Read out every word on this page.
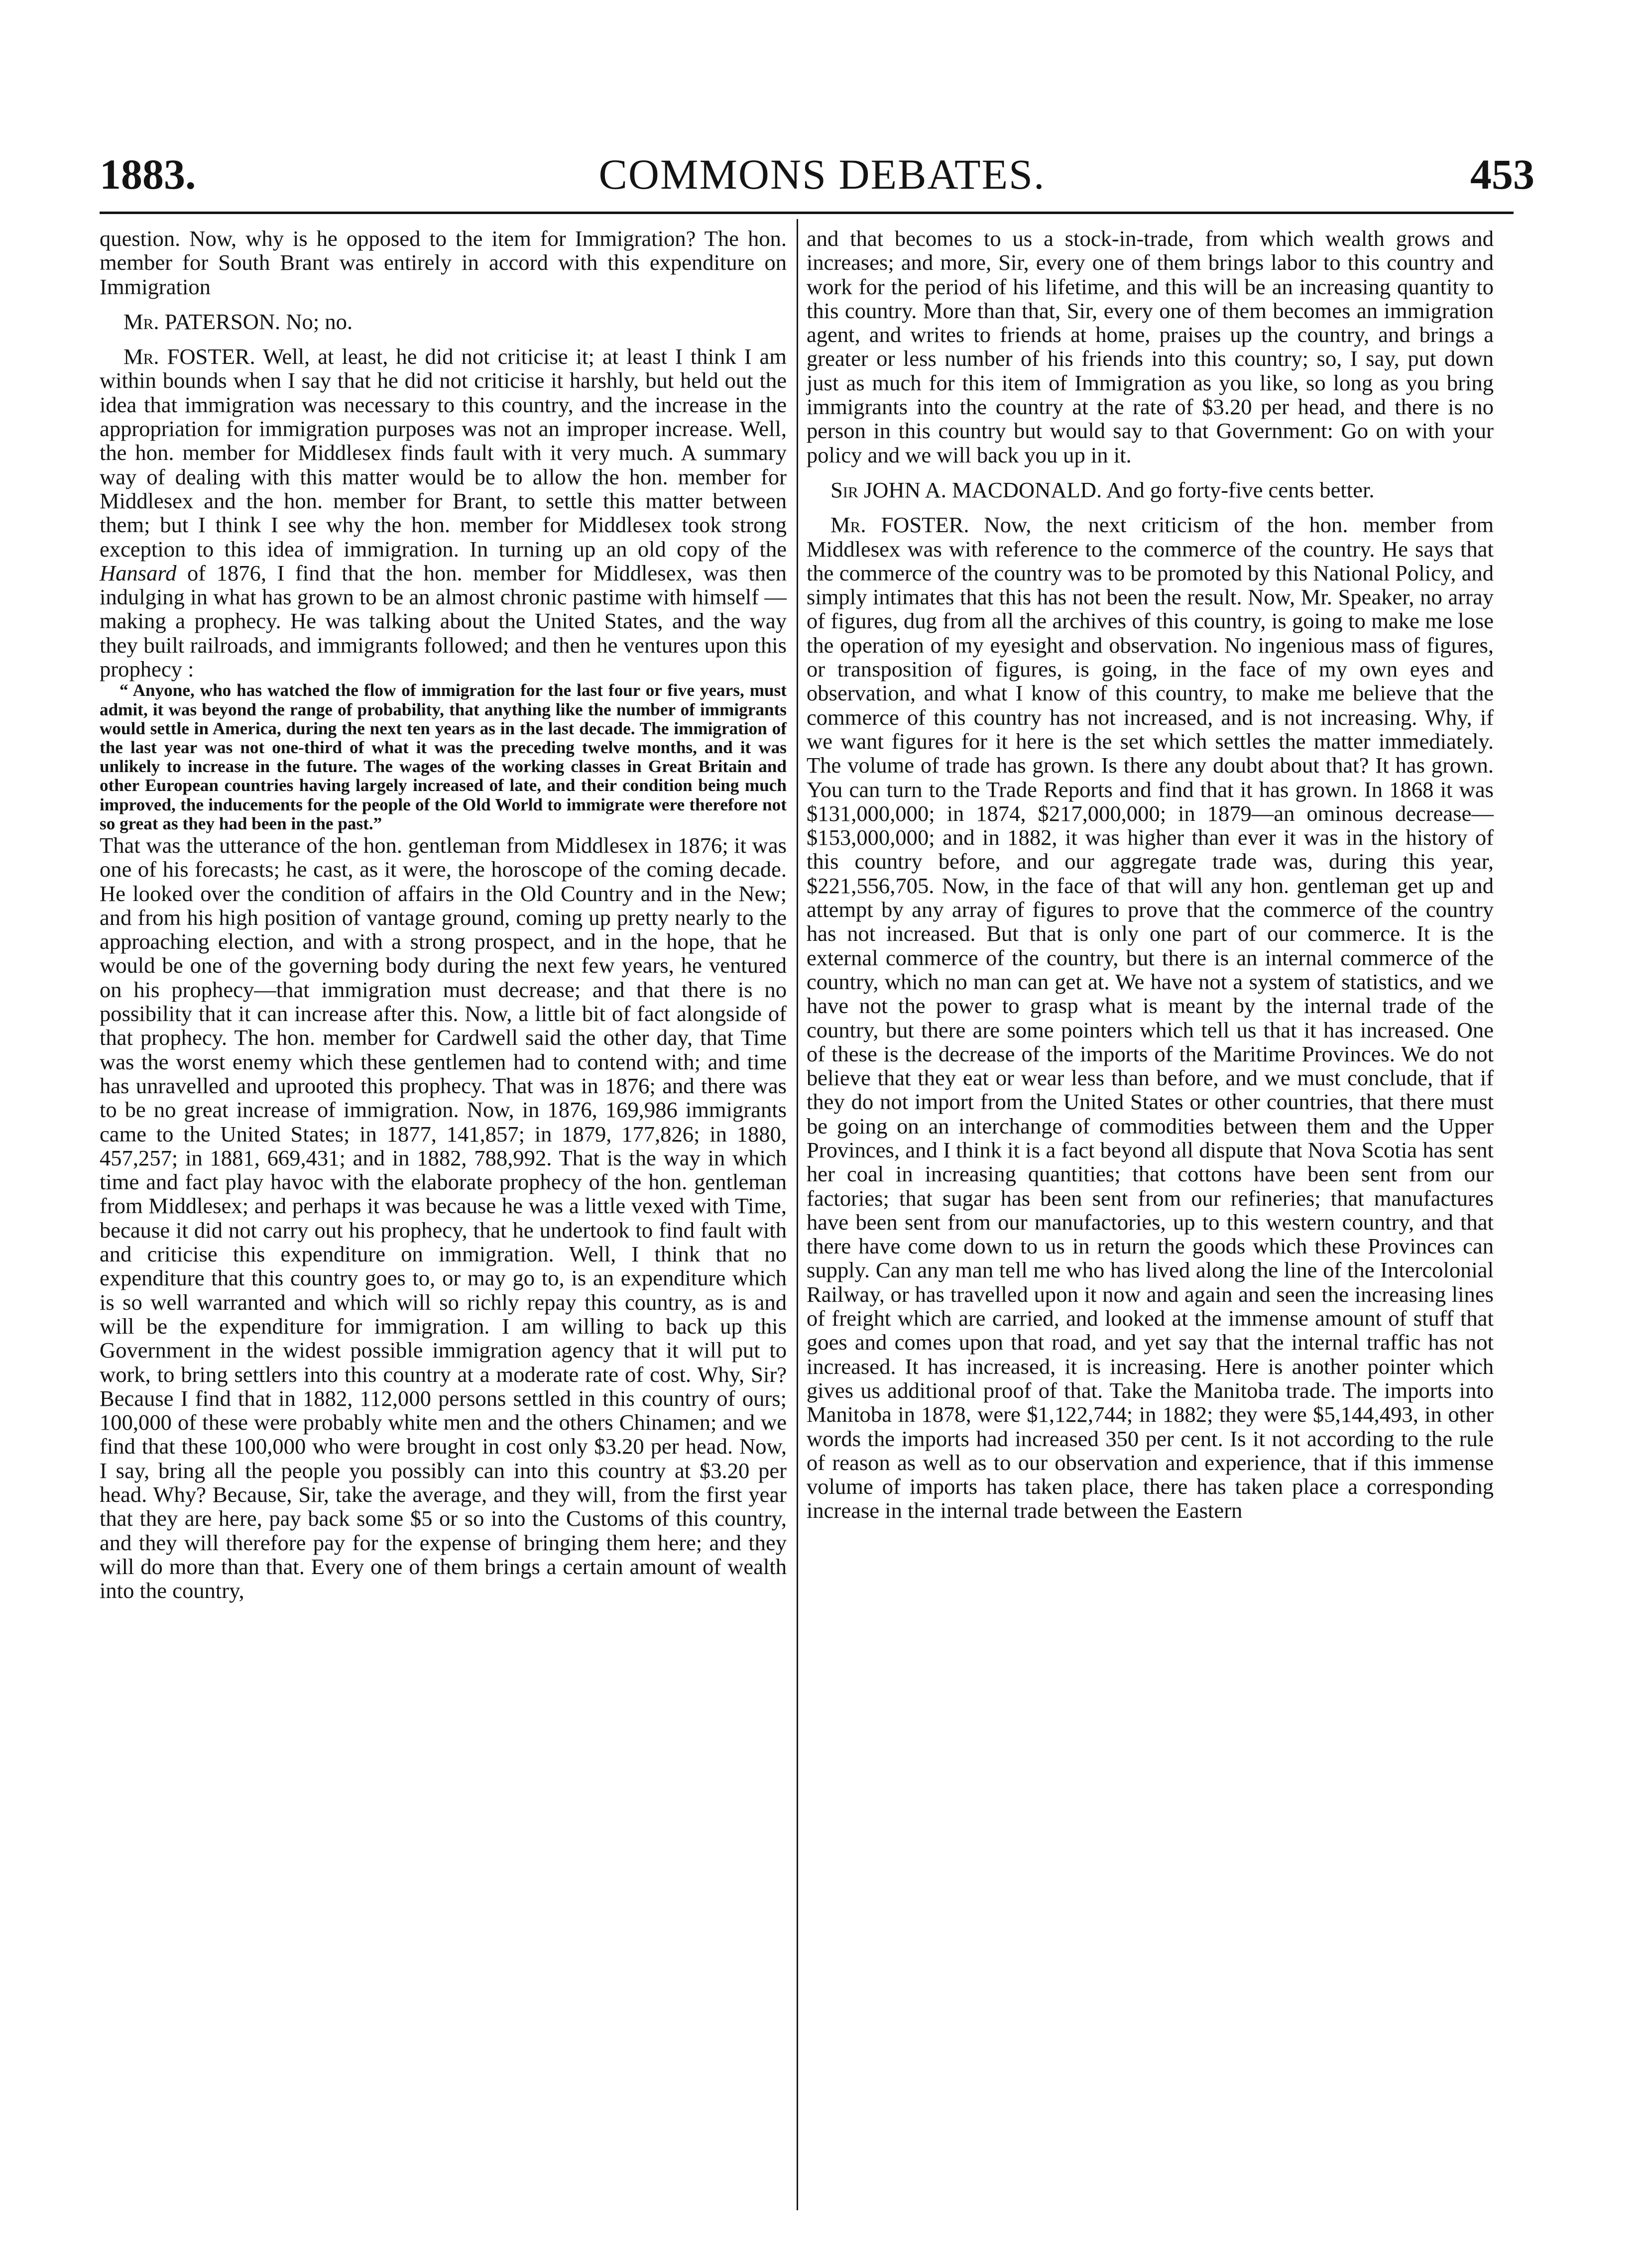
1883.	COMMONS DEBATES.	453

question. Now, why is he opposed to the item for Immigration? The hon. member for South Brant was entirely in accord with this expenditure on Immigration

Mr. PATERSON. No; no.

Mr. FOSTER. Well, at least, he did not criticise it; at least I think I am within bounds when I say that he did not criticise it harshly, but held out the idea that immigration was necessary to this country, and the increase in the appropriation for immigration purposes was not an improper increase. Well, the hon. member for Middlesex finds fault with it very much. A summary way of dealing with this matter would be to allow the hon. member for Middlesex and the hon. member for Brant, to settle this matter between them; but I think I see why the hon. member for Middlesex took strong exception to this idea of immigration. In turning up an old copy of the Hansard of 1876, I find that the hon. member for Middlesex, was then indulging in what has grown to be an almost chronic pastime with himself —making a prophecy. He was talking about the United States, and the way they built railroads, and immigrants followed; and then he ventures upon this prophecy :

“ Anyone, who has watched the flow of immigration for the last four or five years, must admit, it was beyond the range of probability, that anything like the number of immigrants would settle in America, during the next ten years as in the last decade. The immigration of the last year was not one-third of what it was the preceding twelve months, and it was unlikely to increase in the future. The wages of the working classes in Great Britain and other European countries having largely increased of late, and their condition being much improved, the inducements for the people of the Old World to immigrate were therefore not so great as they had been in the past.”

That was the utterance of the hon. gentleman from Middlesex in 1876; it was one of his forecasts; he cast, as it were, the horoscope of the coming decade. He looked over the condition of affairs in the Old Country and in the New; and from his high position of vantage ground, coming up pretty nearly to the approaching election, and with a strong prospect, and in the hope, that he would be one of the governing body during the next few years, he ventured on his prophecy—that immigration must decrease; and that there is no possibility that it can increase after this. Now, a little bit of fact alongside of that prophecy. The hon. member for Cardwell said the other day, that Time was the worst enemy which these gentlemen had to contend with; and time has unravelled and uprooted this prophecy. That was in 1876; and there was to be no great increase of immigration. Now, in 1876, 169,986 immigrants came to the United States; in 1877, 141,857; in 1879, 177,826; in 1880, 457,257; in 1881, 669,431; and in 1882, 788,992. That is the way in which time and fact play havoc with the elaborate prophecy of the hon. gentleman from Middlesex; and perhaps it was because he was a little vexed with Time, because it did not carry out his prophecy, that he undertook to find fault with and criticise this expenditure on immigration. Well, I think that no expenditure that this country goes to, or may go to, is an expenditure which is so well warranted and which will so richly repay this country, as is and will be the expenditure for immigration. I am willing to back up this Government in the widest possible immigration agency that it will put to work, to bring settlers into this country at a moderate rate of cost. Why, Sir? Because I find that in 1882, 112,000 persons settled in this country of ours; 100,000 of these were probably white men and the others Chinamen; and we find that these 100,000 who were brought in cost only $3.20 per head. Now, I say, bring all the people you possibly can into this country at $3.20 per head. Why? Because, Sir, take the average, and they will, from the first year that they are here, pay back some $5 or so into the Customs of this country, and they will therefore pay for the expense of bringing them here; and they will do more than that. Every one of them brings a certain amount of wealth into the country,

and that becomes to us a stock-in-trade, from which wealth grows and increases; and more, Sir, every one of them brings labor to this country and work for the period of his lifetime, and this will be an increasing quantity to this country. More than that, Sir, every one of them becomes an immigration agent, and writes to friends at home, praises up the country, and brings a greater or less number of his friends into this country; so, I say, put down just as much for this item of Immigration as you like, so long as you bring immigrants into the country at the rate of $3.20 per head, and there is no person in this country but would say to that Government: Go on with your policy and we will back you up in it.

Sir JOHN A. MACDONALD. And go forty-five cents better.

Mr. FOSTER. Now, the next criticism of the hon. member from Middlesex was with reference to the commerce of the country. He says that the commerce of the country was to be promoted by this National Policy, and simply intimates that this has not been the result. Now, Mr. Speaker, no array of figures, dug from all the archives of this country, is going to make me lose the operation of my eyesight and observation. No ingenious mass of figures, or transposition of figures, is going, in the face of my own eyes and observation, and what I know of this country, to make me believe that the commerce of this country has not increased, and is not increasing. Why, if we want figures for it here is the set which settles the matter immediately. The volume of trade has grown. Is there any doubt about that? It has grown. You can turn to the Trade Reports and find that it has grown. In 1868 it was $131,000,000; in 1874, $217,000,000; in 1879—an ominous decrease—$153,000,000; and in 1882, it was higher than ever it was in the history of this country before, and our aggregate trade was, during this year, $221,556,705. Now, in the face of that will any hon. gentleman get up and attempt by any array of figures to prove that the commerce of the country has not increased. But that is only one part of our commerce. It is the external commerce of the country, but there is an internal commerce of the country, which no man can get at. We have not a system of statistics, and we have not the power to grasp what is meant by the internal trade of the country, but there are some pointers which tell us that it has increased. One of these is the decrease of the imports of the Maritime Provinces. We do not believe that they eat or wear less than before, and we must conclude, that if they do not import from the United States or other countries, that there must be going on an interchange of commodities between them and the Upper Provinces, and I think it is a fact beyond all dispute that Nova Scotia has sent her coal in increasing quantities; that cottons have been sent from our factories; that sugar has been sent from our refineries; that manufactures have been sent from our manufactories, up to this western country, and that there have come down to us in return the goods which these Provinces can supply. Can any man tell me who has lived along the line of the Intercolonial Railway, or has travelled upon it now and again and seen the increasing lines of freight which are carried, and looked at the immense amount of stuff that goes and comes upon that road, and yet say that the internal traffic has not increased. It has increased, it is increasing. Here is another pointer which gives us additional proof of that. Take the Manitoba trade. The imports into Manitoba in 1878, were $1,122,744; in 1882; they were $5,144,493, in other words the imports had increased 350 per cent. Is it not according to the rule of reason as well as to our observation and experience, that if this immense volume of imports has taken place, there has taken place a corresponding increase in the internal trade between the Eastern
